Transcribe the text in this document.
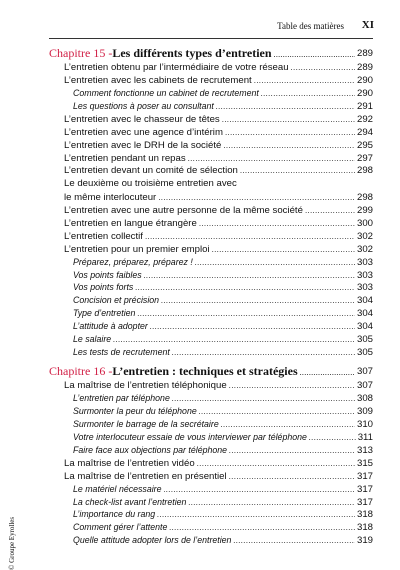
Table des matières XI
Chapitre 15 - Les différents types d’entretien .....	289
L’entretien obtenu par l’intermédiaire de votre réseau .....	289
L’entretien avec les cabinets de recrutement .....	290
Comment fonctionne un cabinet de recrutement .....	290
Les questions à poser au consultant .....	291
L’entretien avec le chasseur de têtes .....	292
L’entretien avec une agence d’intérim .....	294
L’entretien avec le DRH de la société .....	295
L’entretien pendant un repas .....	297
L’entretien devant un comité de sélection .....	298
Le deuxième ou troisième entretien avec
le même interlocuteur .....	298
L’entretien avec une autre personne de la même société .....	299
L’entretien en langue étrangère .....	300
L’entretien collectif .....	302
L’entretien pour un premier emploi .....	302
Préparez, préparez, préparez ! .....	303
Vos points faibles .....	303
Vos points forts .....	303
Concision et précision .....	304
Type d’entretien .....	304
L’attitude à adopter .....	304
Le salaire .....	305
Les tests de recrutement .....	305
Chapitre 16 - L’entretien : techniques et stratégies .....	307
La maîtrise de l’entretien téléphonique .....	307
L’entretien par téléphone .....	308
Surmonter la peur du téléphone .....	309
Surmonter le barrage de la secrétaire .....	310
Votre interlocuteur essaie de vous interviewer par téléphone .....	311
Faire face aux objections par téléphone .....	313
La maîtrise de l’entretien vidéo .....	315
La maîtrise de l’entretien en présentiel .....	317
Le matériel nécessaire .....	317
La check-list avant l’entretien .....	317
L’importance du rang .....	318
Comment gérer l’attente .....	318
Quelle attitude adopter lors de l’entretien .....	319
© Groupe Eyrolles
